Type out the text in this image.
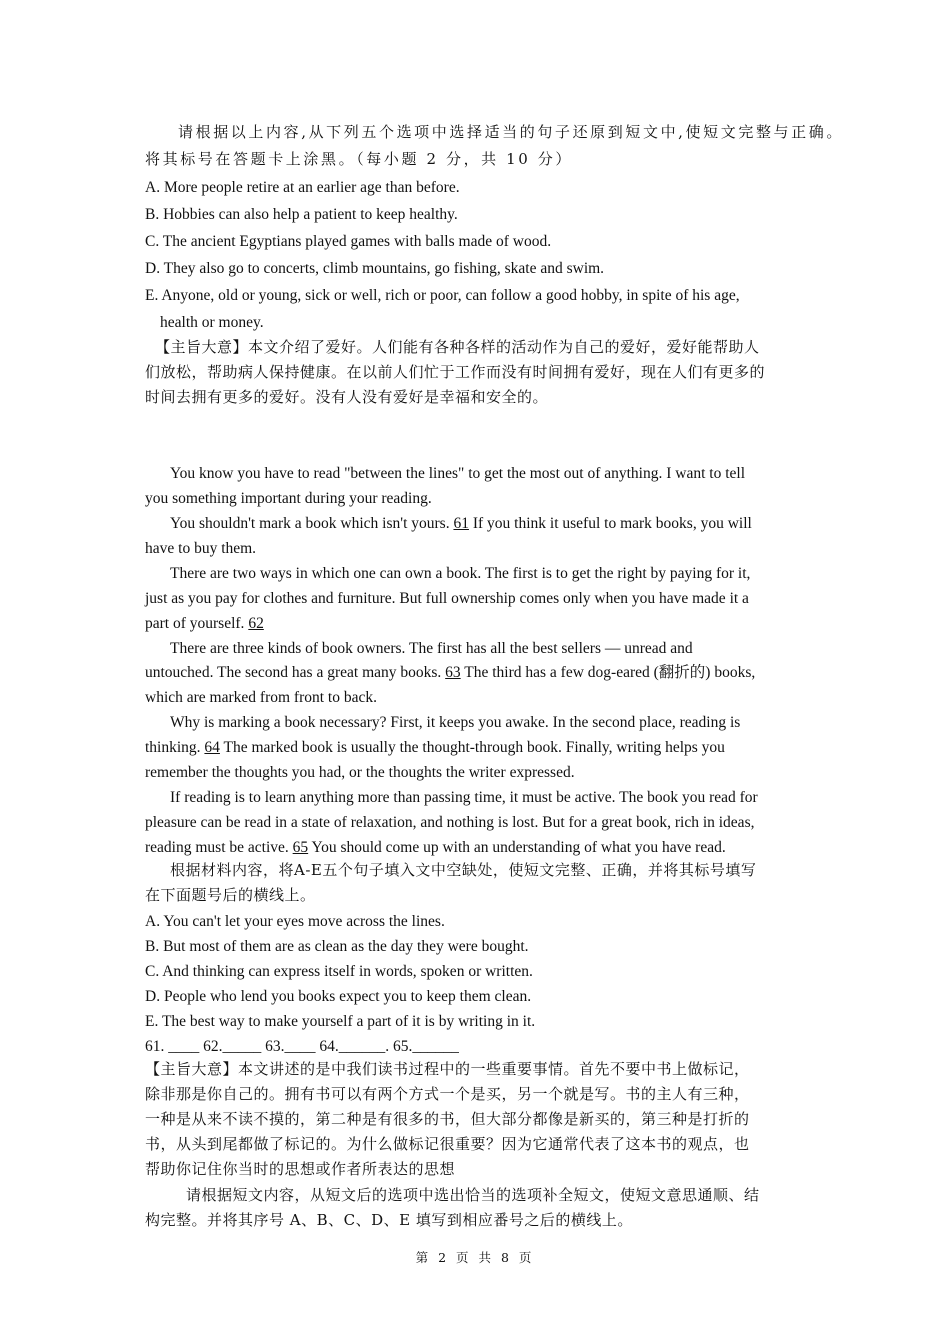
请根据以上内容,从下列五个选项中选择适当的句子还原到短文中,使短文完整与正确。
将其标号在答题卡上涂黑。（每小题 2 分，共 10 分）
A. More people retire at an earlier age than before.
B. Hobbies can also help a patient to keep healthy.
C. The ancient Egyptians played games with balls made of wood.
D. They also go to concerts, climb mountains, go fishing, skate and swim.
E. Anyone, old or young, sick or well, rich or poor, can follow a good hobby, in spite of his age,
health or money.
【主旨大意】本文介绍了爱好。人们能有各种各样的活动作为自己的爱好，爱好能帮助人
们放松，帮助病人保持健康。在以前人们忙于工作而没有时间拥有爱好，现在人们有更多的
时间去拥有更多的爱好。没有人没有爱好是幸福和安全的。
You know you have to read "between the lines" to get the most out of anything. I want to tell
you something important during your reading.
You shouldn't mark a book which isn't yours. 61 If you think it useful to mark books, you will
have to buy them.
There are two ways in which one can own a book. The first is to get the right by paying for it,
just as you pay for clothes and furniture. But full ownership comes only when you have made it a
part of yourself. 62
There are three kinds of book owners. The first has all the best sellers — unread and
untouched. The second has a great many books. 63 The third has a few dog-eared (翻折的) books,
which are marked from front to back.
Why is marking a book necessary? First, it keeps you awake. In the second place, reading is
thinking. 64 The marked book is usually the thought-through book. Finally, writing helps you
remember the thoughts you had, or the thoughts the writer expressed.
If reading is to learn anything more than passing time, it must be active. The book you read for
pleasure can be read in a state of relaxation, and nothing is lost. But for a great book, rich in ideas,
reading must be active. 65 You should come up with an understanding of what you have read.
根据材料内容，将A-E五个句子填入文中空缺处，使短文完整、正确，并将其标号填写
在下面题号后的横线上。
A. You can't let your eyes move across the lines.
B. But most of them are as clean as the day they were bought.
C. And thinking can express itself in words, spoken or written.
D. People who lend you books expect you to keep them clean.
E. The best way to make yourself a part of it is by writing in it.
61. ____ 62._____ 63.____ 64.______. 65.______
【主旨大意】本文讲述的是中我们读书过程中的一些重要事情。首先不要中书上做标记，
除非那是你自己的。拥有书可以有两个方式一个是买，另一个就是写。书的主人有三种，
一种是从来不读不摸的，第二种是有很多的书，但大部分都像是新买的，第三种是打折的
书，从头到尾都做了标记的。为什么做标记很重要？因为它通常代表了这本书的观点，也
帮助你记住你当时的思想或作者所表达的思想
请根据短文内容，从短文后的选项中选出恰当的选项补全短文，使短文意思通顺、结
构完整。并将其序号 A、B、C、D、E 填写到相应番号之后的横线上。
第 2 页 共 8 页
